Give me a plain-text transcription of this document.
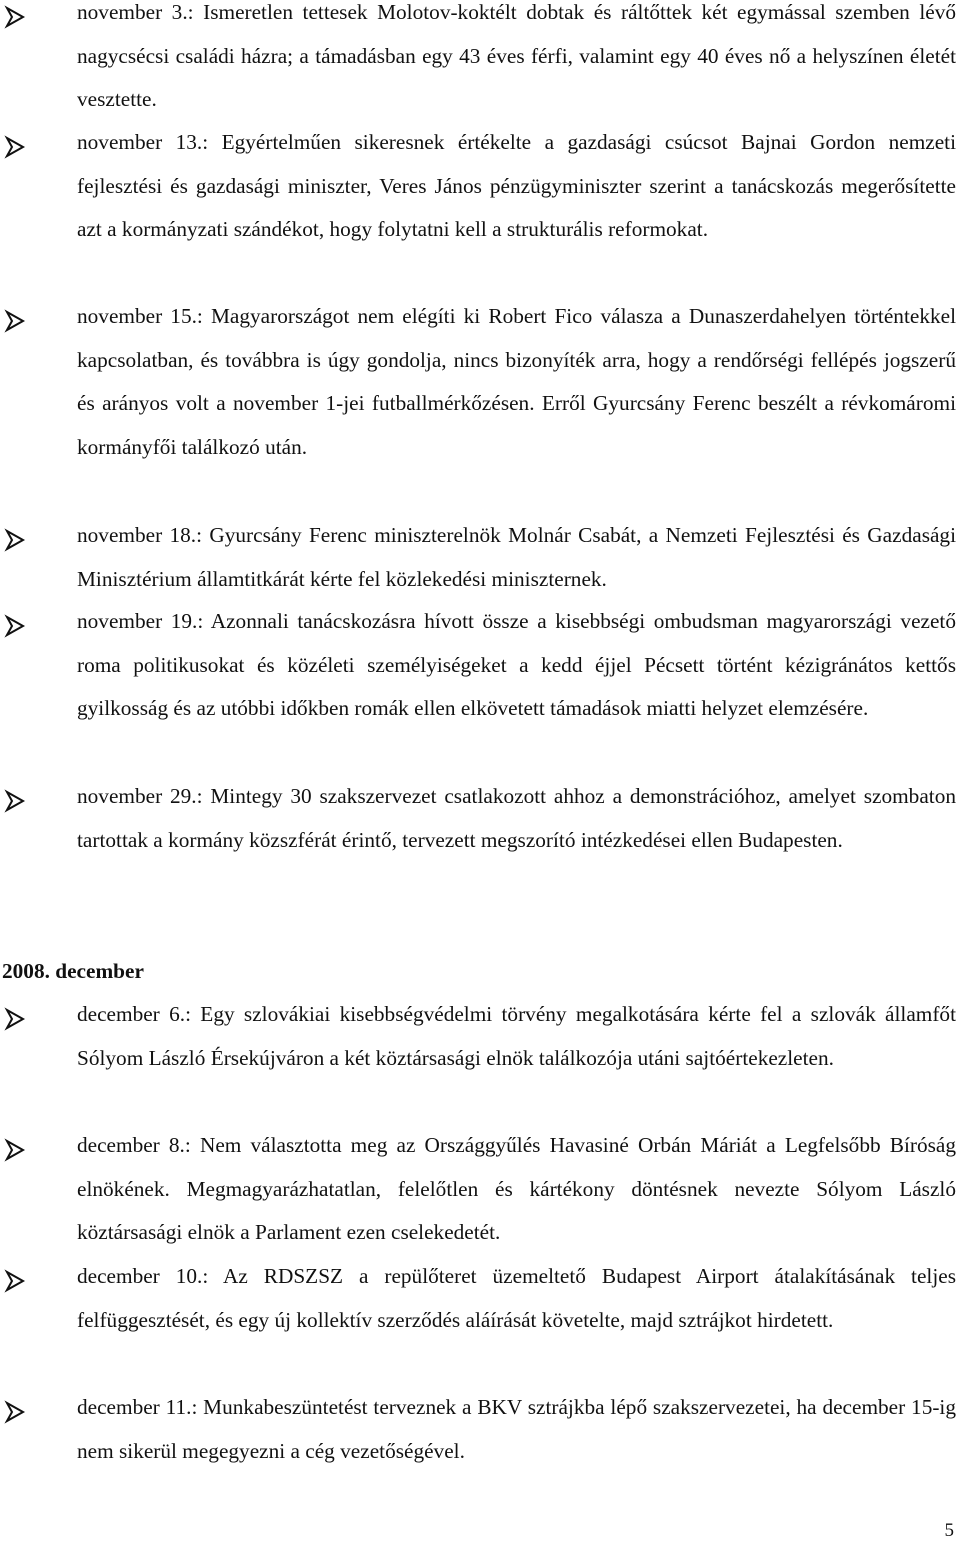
november 3.: Ismeretlen tettesek Molotov-koktélt dobtak és ráltőttek két egymással szemben lévő nagycsécsi családi házra; a támadásban egy 43 éves férfi, valamint egy 40 éves nő a helyszínen életét vesztette.

november 13.: Egyértelműen sikeresnek értékelte a gazdasági csúcsot Bajnai Gordon nemzeti fejlesztési és gazdasági miniszter, Veres János pénzügyminiszter szerint a tanácskozás megerősítette azt a kormányzati szándékot, hogy folytatni kell a strukturális reformokat.

november 15.: Magyarországot nem elégíti ki Robert Fico válasza a Dunaszerdahelyen történtekkel kapcsolatban, és továbbra is úgy gondolja, nincs bizonyíték arra, hogy a rendőrségi fellépés jogszerű és arányos volt a november 1-jei futballmérkőzésen. Erről Gyurcsány Ferenc beszélt a révkomáromi kormányfői találkozó után.

november 18.: Gyurcsány Ferenc miniszterelnök Molnár Csabát, a Nemzeti Fejlesztési és Gazdasági Minisztérium államtitkárát kérte fel közlekedési miniszternek.

november 19.: Azonnali tanácskozásra hívott össze a kisebbségi ombudsman magyarországi vezető roma politikusokat és közéleti személyiségeket a kedd éjjel Pécsett történt kézigránátos kettős gyilkosság és az utóbbi időkben romák ellen elkövetett támadások miatti helyzet elemzésére.

november 29.: Mintegy 30 szakszervezet csatlakozott ahhoz a demonstrációhoz, amelyet szombaton tartottak a kormány közszférát érintő, tervezett megszorító intézkedései ellen Budapesten.

2008. december

december 6.: Egy szlovákiai kisebbségvédelmi törvény megalkotására kérte fel a szlovák államfőt Sólyom László Érsekújváron a két köztársasági elnök találkozója utáni sajtóértekezleten.

december 8.: Nem választotta meg az Országgyűlés Havasiné Orbán Máriát a Legfelsőbb Bíróság elnökének. Megmagyarázhatatlan, felelőtlen és kártékony döntésnek nevezte Sólyom László köztársasági elnök a Parlament ezen cselekedetét.

december 10.: Az RDSZSZ a repülőteret üzemeltető Budapest Airport átalakításának teljes felfüggesztését, és egy új kollektív szerződés aláírását követelte, majd sztrájkot hirdetett.

december 11.: Munkabeszüntetést terveznek a BKV sztrájkba lépő szakszervezetei, ha december 15-ig nem sikerül megegyezni a cég vezetőségével.

5
